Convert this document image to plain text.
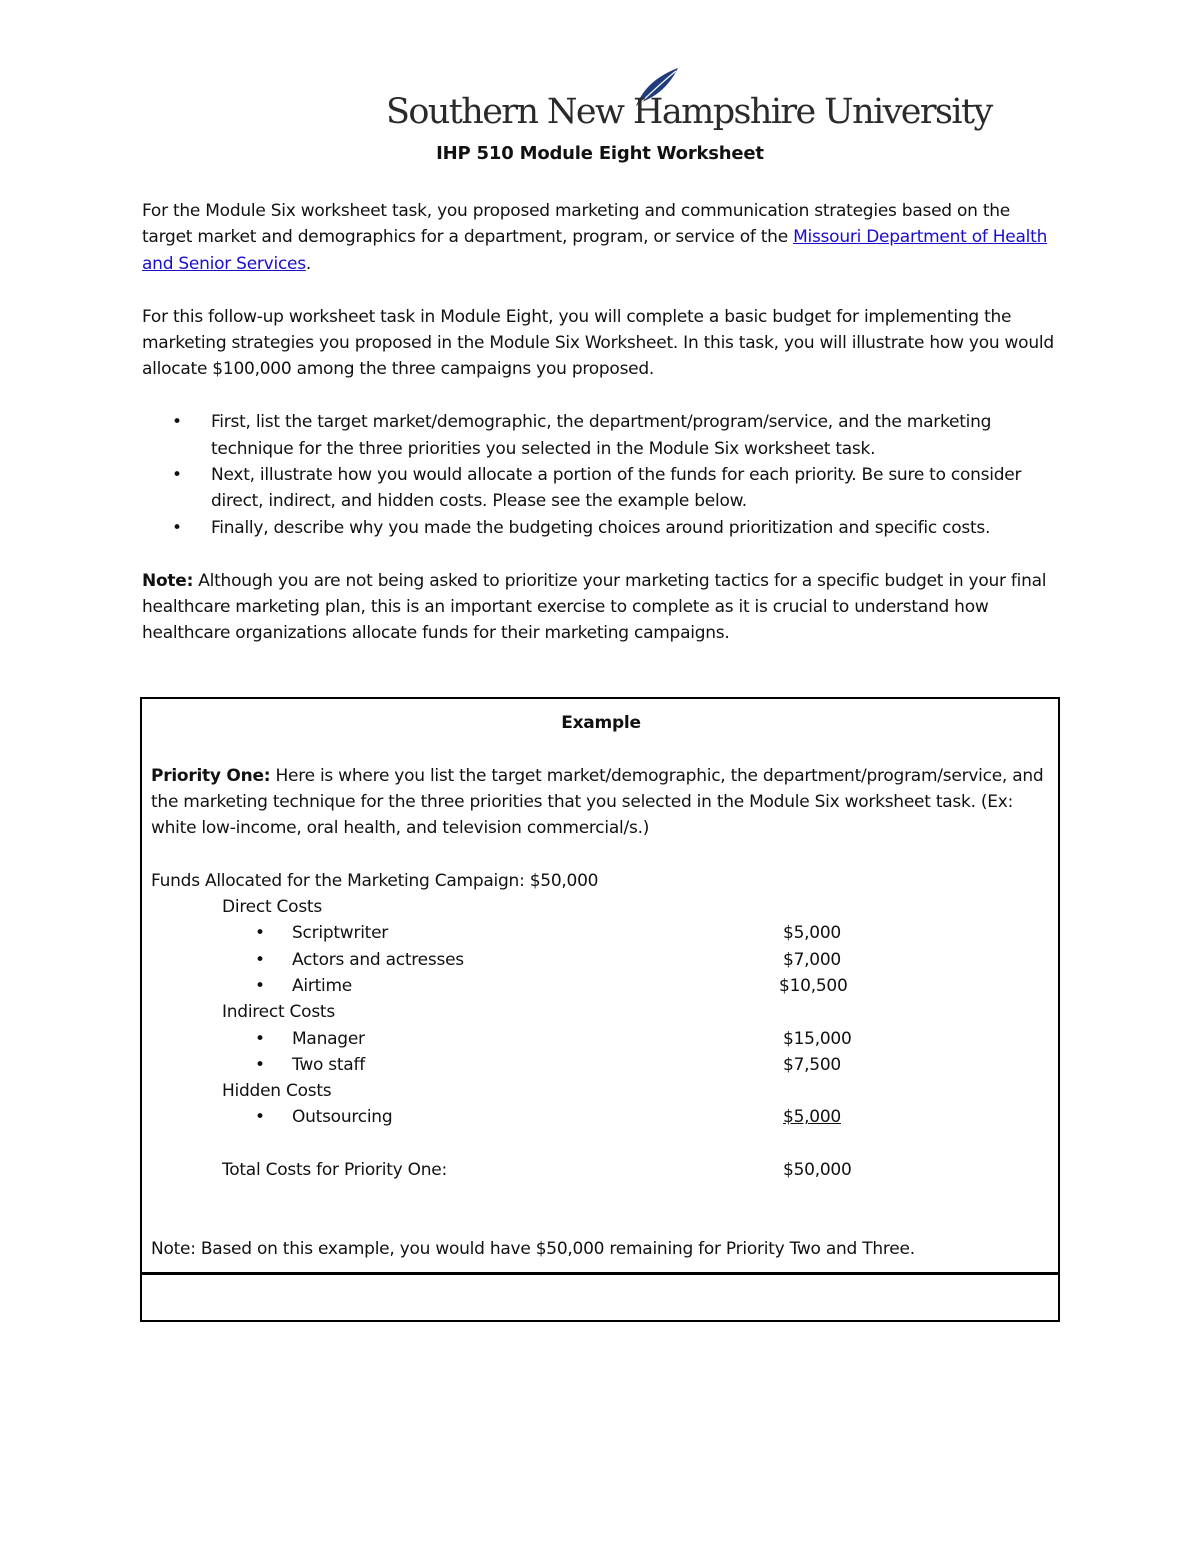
Southern New Hampshire University
IHP 510 Module Eight Worksheet

For the Module Six worksheet task, you proposed marketing and communication strategies based on the target market and demographics for a department, program, or service of the Missouri Department of Health and Senior Services.

For this follow-up worksheet task in Module Eight, you will complete a basic budget for implementing the marketing strategies you proposed in the Module Six Worksheet. In this task, you will illustrate how you would allocate $100,000 among the three campaigns you proposed.

• First, list the target market/demographic, the department/program/service, and the marketing technique for the three priorities you selected in the Module Six worksheet task.
• Next, illustrate how you would allocate a portion of the funds for each priority. Be sure to consider direct, indirect, and hidden costs. Please see the example below.
• Finally, describe why you made the budgeting choices around prioritization and specific costs.

Note: Although you are not being asked to prioritize your marketing tactics for a specific budget in your final healthcare marketing plan, this is an important exercise to complete as it is crucial to understand how healthcare organizations allocate funds for their marketing campaigns.

Example

Priority One: Here is where you list the target market/demographic, the department/program/service, and the marketing technique for the three priorities that you selected in the Module Six worksheet task. (Ex: white low-income, oral health, and television commercial/s.)

Funds Allocated for the Marketing Campaign: $50,000

Direct Costs

• Scriptwriter	$5,000
• Actors and actresses	$7,000
• Airtime	$10,500

Indirect Costs

• Manager	$15,000
• Two staff	$7,500

Hidden Costs

• Outsourcing	$5,000
Total Costs for Priority One:	$50,000

Note: Based on this example, you would have $50,000 remaining for Priority Two and Three.
